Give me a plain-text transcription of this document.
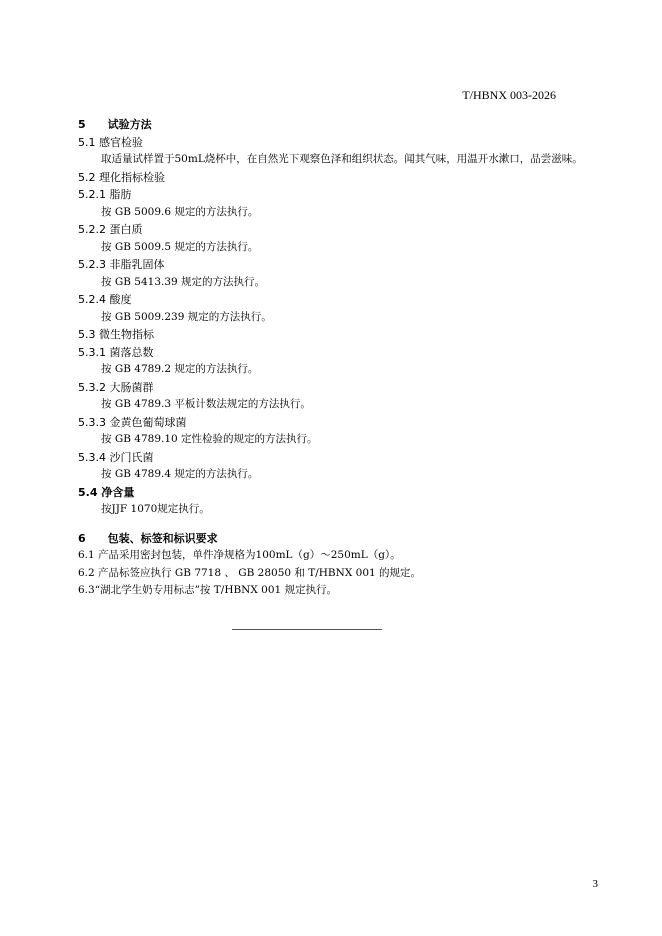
T/HBNX 003-2026
5 试验方法
5.1 感官检验
取适量试样置于50mL烧杯中，在自然光下观察色泽和组织状态。闻其气味，用温开水漱口，品尝滋味。
5.2 理化指标检验
5.2.1 脂肪
按 GB 5009.6 规定的方法执行。
5.2.2 蛋白质
按 GB 5009.5 规定的方法执行。
5.2.3 非脂乳固体
按 GB 5413.39 规定的方法执行。
5.2.4 酸度
按 GB 5009.239 规定的方法执行。
5.3 微生物指标
5.3.1 菌落总数
按 GB 4789.2 规定的方法执行。
5.3.2 大肠菌群
按 GB 4789.3 平板计数法规定的方法执行。
5.3.3 金黄色葡萄球菌
按 GB 4789.10 定性检验的规定的方法执行。
5.3.4 沙门氏菌
按 GB 4789.4 规定的方法执行。
5.4 净含量
按JJF 1070规定执行。
6 包装、标签和标识要求
6.1 产品采用密封包装，单件净规格为100mL（g）～250mL（g）。
6.2 产品标签应执行 GB 7718 、 GB 28050 和 T/HBNX 001 的规定。
6.3“湖北学生奶专用标志”按 T/HBNX 001 规定执行。
3
